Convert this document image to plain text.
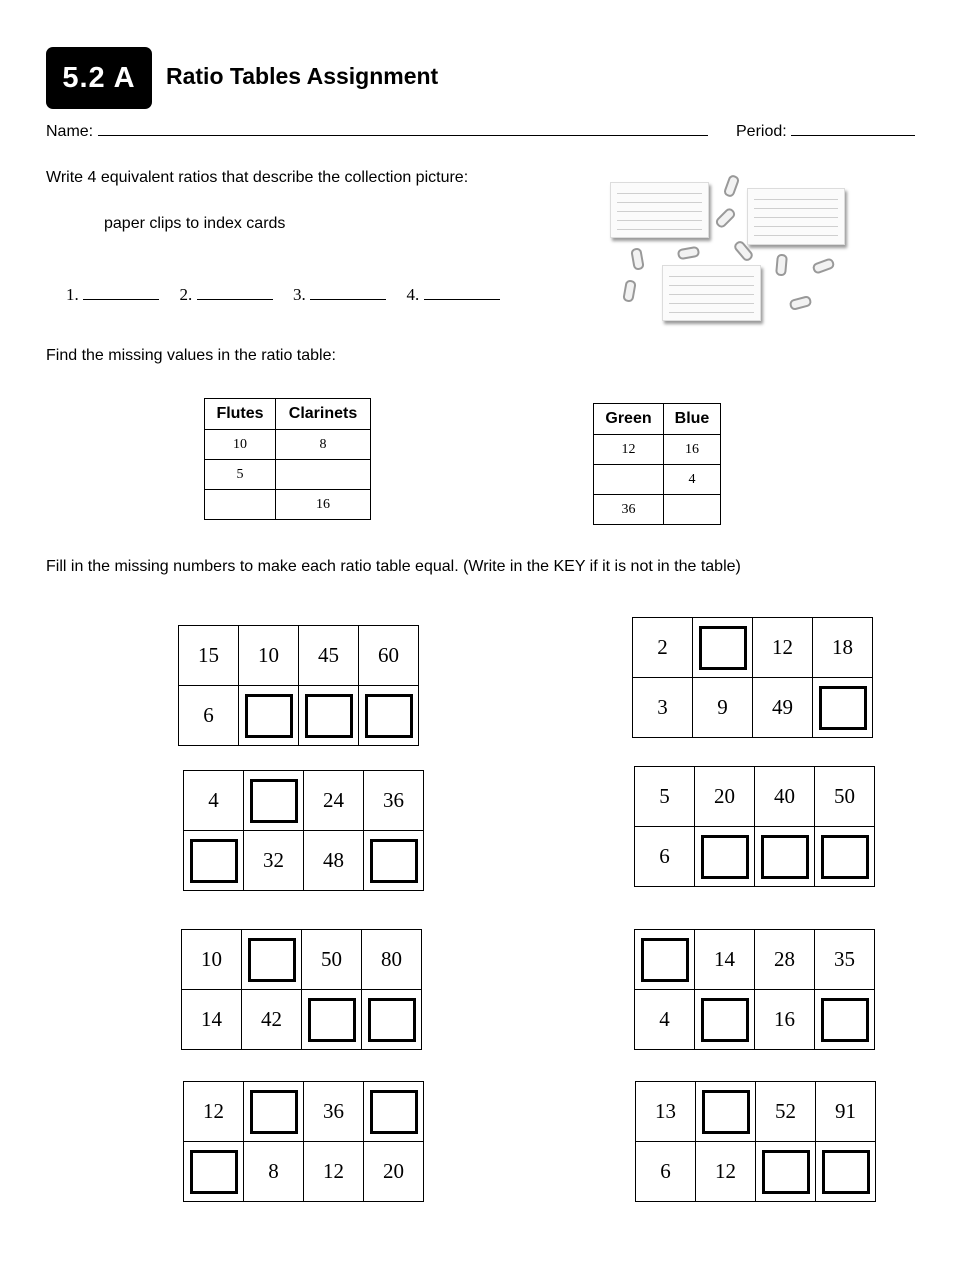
5.2 A	Ratio Tables Assignment
Name:	Period:
Write 4 equivalent ratios that describe the collection picture:
paper clips to index cards
1.	2.	3.	4.
Find the missing values in the ratio table:
Flutes	Clarinets
10	8
5	
	16
Green	Blue
12	16
	4
36	
Fill in the missing numbers to make each ratio table equal. (Write in the KEY if it is not in the table)
15	10	45	60
6			
2		12	18
3	9	49	
4		24	36
	32	48	
5	20	40	50
6			
10		50	80
14	42		
	14	28	35
4		16	
12		36	
	8	12	20
13		52	91
6	12		
